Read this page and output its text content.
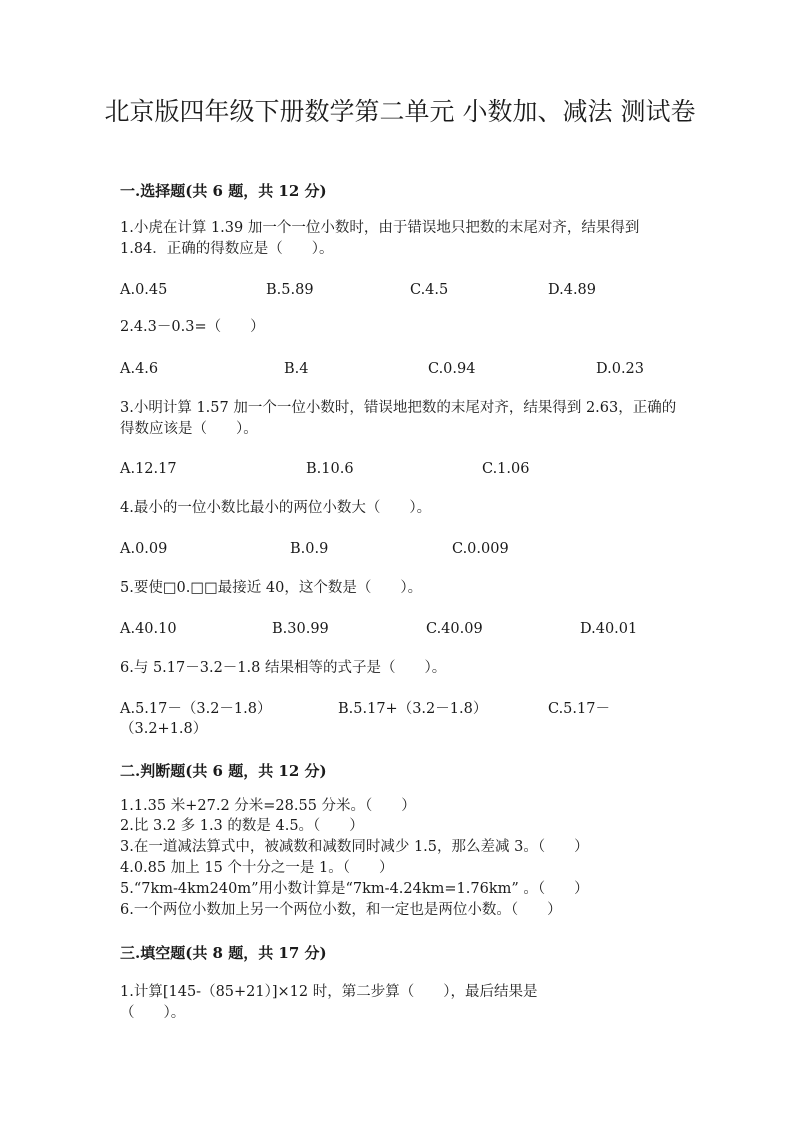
北京版四年级下册数学第二单元 小数加、减法 测试卷
一.选择题(共 6 题，共 12 分)
1.小虎在计算 1.39 加一个一位小数时，由于错误地只把数的末尾对齐，结果得到 1.84．正确的得数应是（　　）。
A.0.45	B.5.89	C.4.5	D.4.89
2.4.3－0.3=（　　）
A.4.6	B.4	C.0.94	D.0.23
3.小明计算 1.57 加一个一位小数时，错误地把数的末尾对齐，结果得到 2.63，正确的得数应该是（　　）。
A.12.17	B.10.6	C.1.06
4.最小的一位小数比最小的两位小数大（　　）。
A.0.09	B.0.9	C.0.009
5.要使□0.□□最接近 40，这个数是（　　）。
A.40.10	B.30.99	C.40.09	D.40.01
6.与 5.17－3.2－1.8 结果相等的式子是（　　）。
A.5.17－（3.2－1.8）	B.5.17+（3.2－1.8）	C.5.17－
（3.2+1.8）
二.判断题(共 6 题，共 12 分)
1.1.35 米+27.2 分米=28.55 分米。（　　）
2.比 3.2 多 1.3 的数是 4.5。（　　）
3.在一道减法算式中，被减数和减数同时减少 1.5，那么差减 3。（　　）
4.0.85 加上 15 个十分之一是 1。（　　）
5.“7km-4km240m”用小数计算是“7km-4.24km=1.76km” 。（　　）
6.一个两位小数加上另一个两位小数，和一定也是两位小数。（　　）
三.填空题(共 8 题，共 17 分)
1.计算[145-（85+21）]×12 时，第二步算（　　），最后结果是（　　）。
